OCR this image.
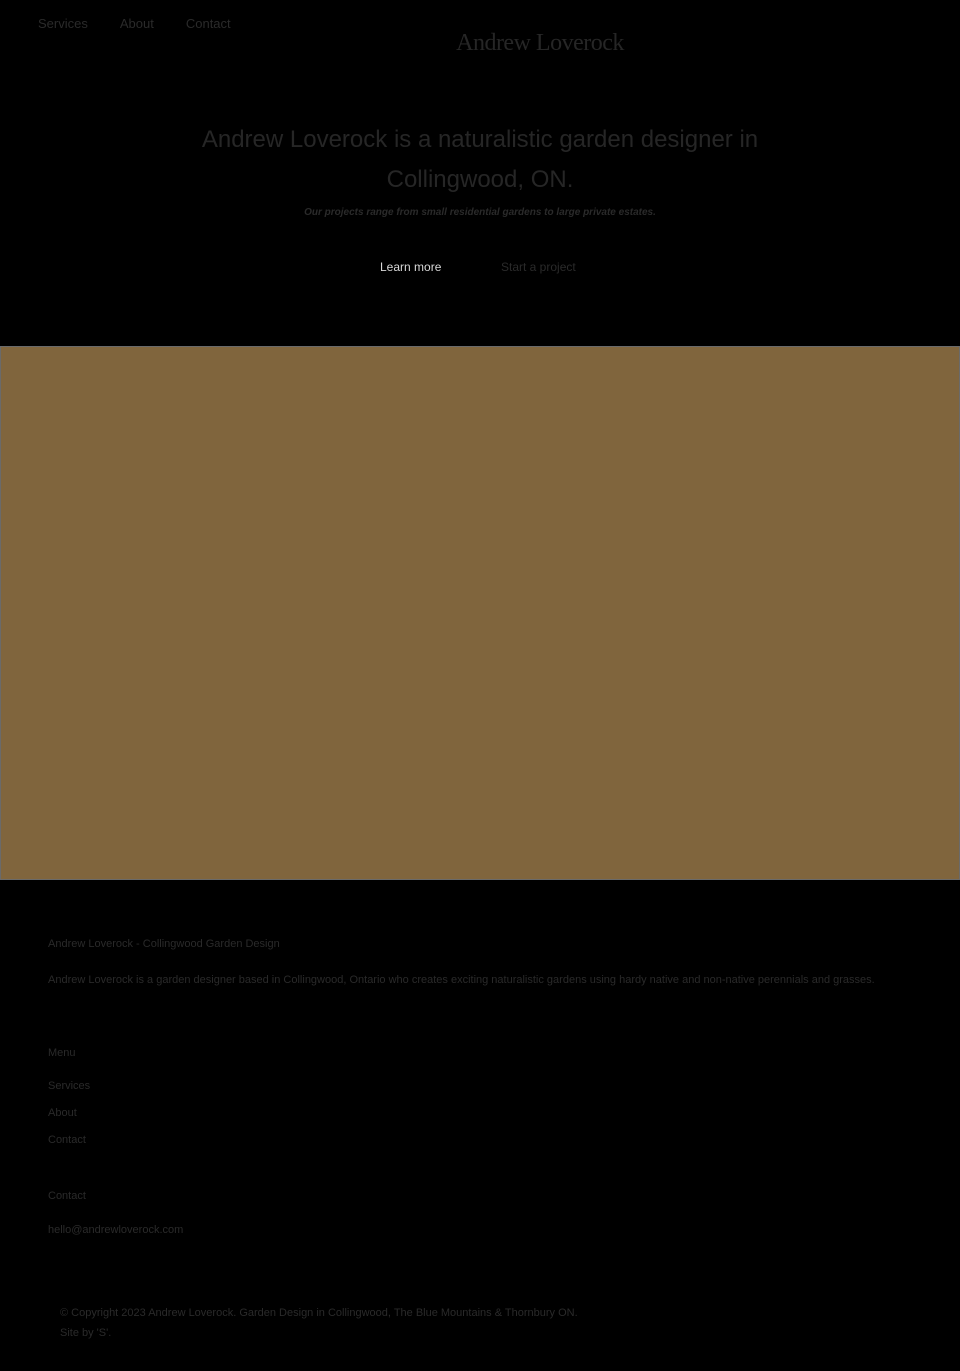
Services About Contact
Andrew Loverock
Andrew Loverock is a naturalistic garden designer in Collingwood, ON.

Our projects range from small residential gardens to large private estates.

Learn more	Start a project
Andrew Loverock - Collingwood Garden Design

Andrew Loverock is a garden designer based in Collingwood, Ontario who creates exciting naturalistic gardens using hardy native and non-native perennials and grasses.

Menu
Services
About
Contact
Contact
hello@andrewloverock.com
© Copyright 2023 Andrew Loverock. Garden Design in Collingwood, The Blue Mountains & Thornbury ON.
Site by 'S'.
